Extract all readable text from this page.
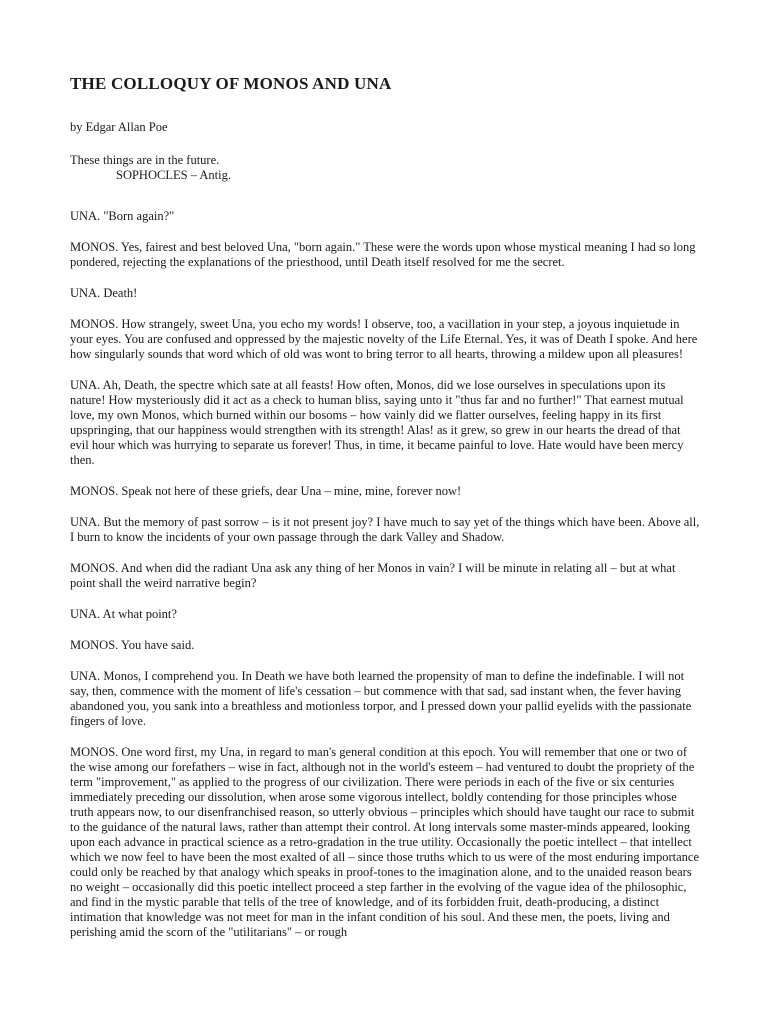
THE COLLOQUY OF MONOS AND UNA
by Edgar Allan Poe
These things are in the future.
SOPHOCLES – Antig.

UNA. "Born again?"

MONOS. Yes, fairest and best beloved Una, "born again." These were the words upon whose mystical meaning I had so long pondered, rejecting the explanations of the priesthood, until Death itself resolved for me the secret.

UNA. Death!

MONOS. How strangely, sweet Una, you echo my words! I observe, too, a vacillation in your step, a joyous inquietude in your eyes. You are confused and oppressed by the majestic novelty of the Life Eternal. Yes, it was of Death I spoke. And here how singularly sounds that word which of old was wont to bring terror to all hearts, throwing a mildew upon all pleasures!

UNA. Ah, Death, the spectre which sate at all feasts! How often, Monos, did we lose ourselves in speculations upon its nature! How mysteriously did it act as a check to human bliss, saying unto it "thus far and no further!" That earnest mutual love, my own Monos, which burned within our bosoms – how vainly did we flatter ourselves, feeling happy in its first upspringing, that our happiness would strengthen with its strength! Alas! as it grew, so grew in our hearts the dread of that evil hour which was hurrying to separate us forever! Thus, in time, it became painful to love. Hate would have been mercy then.

MONOS. Speak not here of these griefs, dear Una – mine, mine, forever now!

UNA. But the memory of past sorrow – is it not present joy? I have much to say yet of the things which have been. Above all, I burn to know the incidents of your own passage through the dark Valley and Shadow.

MONOS. And when did the radiant Una ask any thing of her Monos in vain? I will be minute in relating all – but at what point shall the weird narrative begin?

UNA. At what point?

MONOS. You have said.

UNA. Monos, I comprehend you. In Death we have both learned the propensity of man to define the indefinable. I will not say, then, commence with the moment of life's cessation – but commence with that sad, sad instant when, the fever having abandoned you, you sank into a breathless and motionless torpor, and I pressed down your pallid eyelids with the passionate fingers of love.

MONOS. One word first, my Una, in regard to man's general condition at this epoch. You will remember that one or two of the wise among our forefathers – wise in fact, although not in the world's esteem – had ventured to doubt the propriety of the term "improvement," as applied to the progress of our civilization. There were periods in each of the five or six centuries immediately preceding our dissolution, when arose some vigorous intellect, boldly contending for those principles whose truth appears now, to our disenfranchised reason, so utterly obvious – principles which should have taught our race to submit to the guidance of the natural laws, rather than attempt their control. At long intervals some master-minds appeared, looking upon each advance in practical science as a retro-gradation in the true utility. Occasionally the poetic intellect – that intellect which we now feel to have been the most exalted of all – since those truths which to us were of the most enduring importance could only be reached by that analogy which speaks in proof-tones to the imagination alone, and to the unaided reason bears no weight – occasionally did this poetic intellect proceed a step farther in the evolving of the vague idea of the philosophic, and find in the mystic parable that tells of the tree of knowledge, and of its forbidden fruit, death-producing, a distinct intimation that knowledge was not meet for man in the infant condition of his soul. And these men, the poets, living and perishing amid the scorn of the "utilitarians" – or rough
